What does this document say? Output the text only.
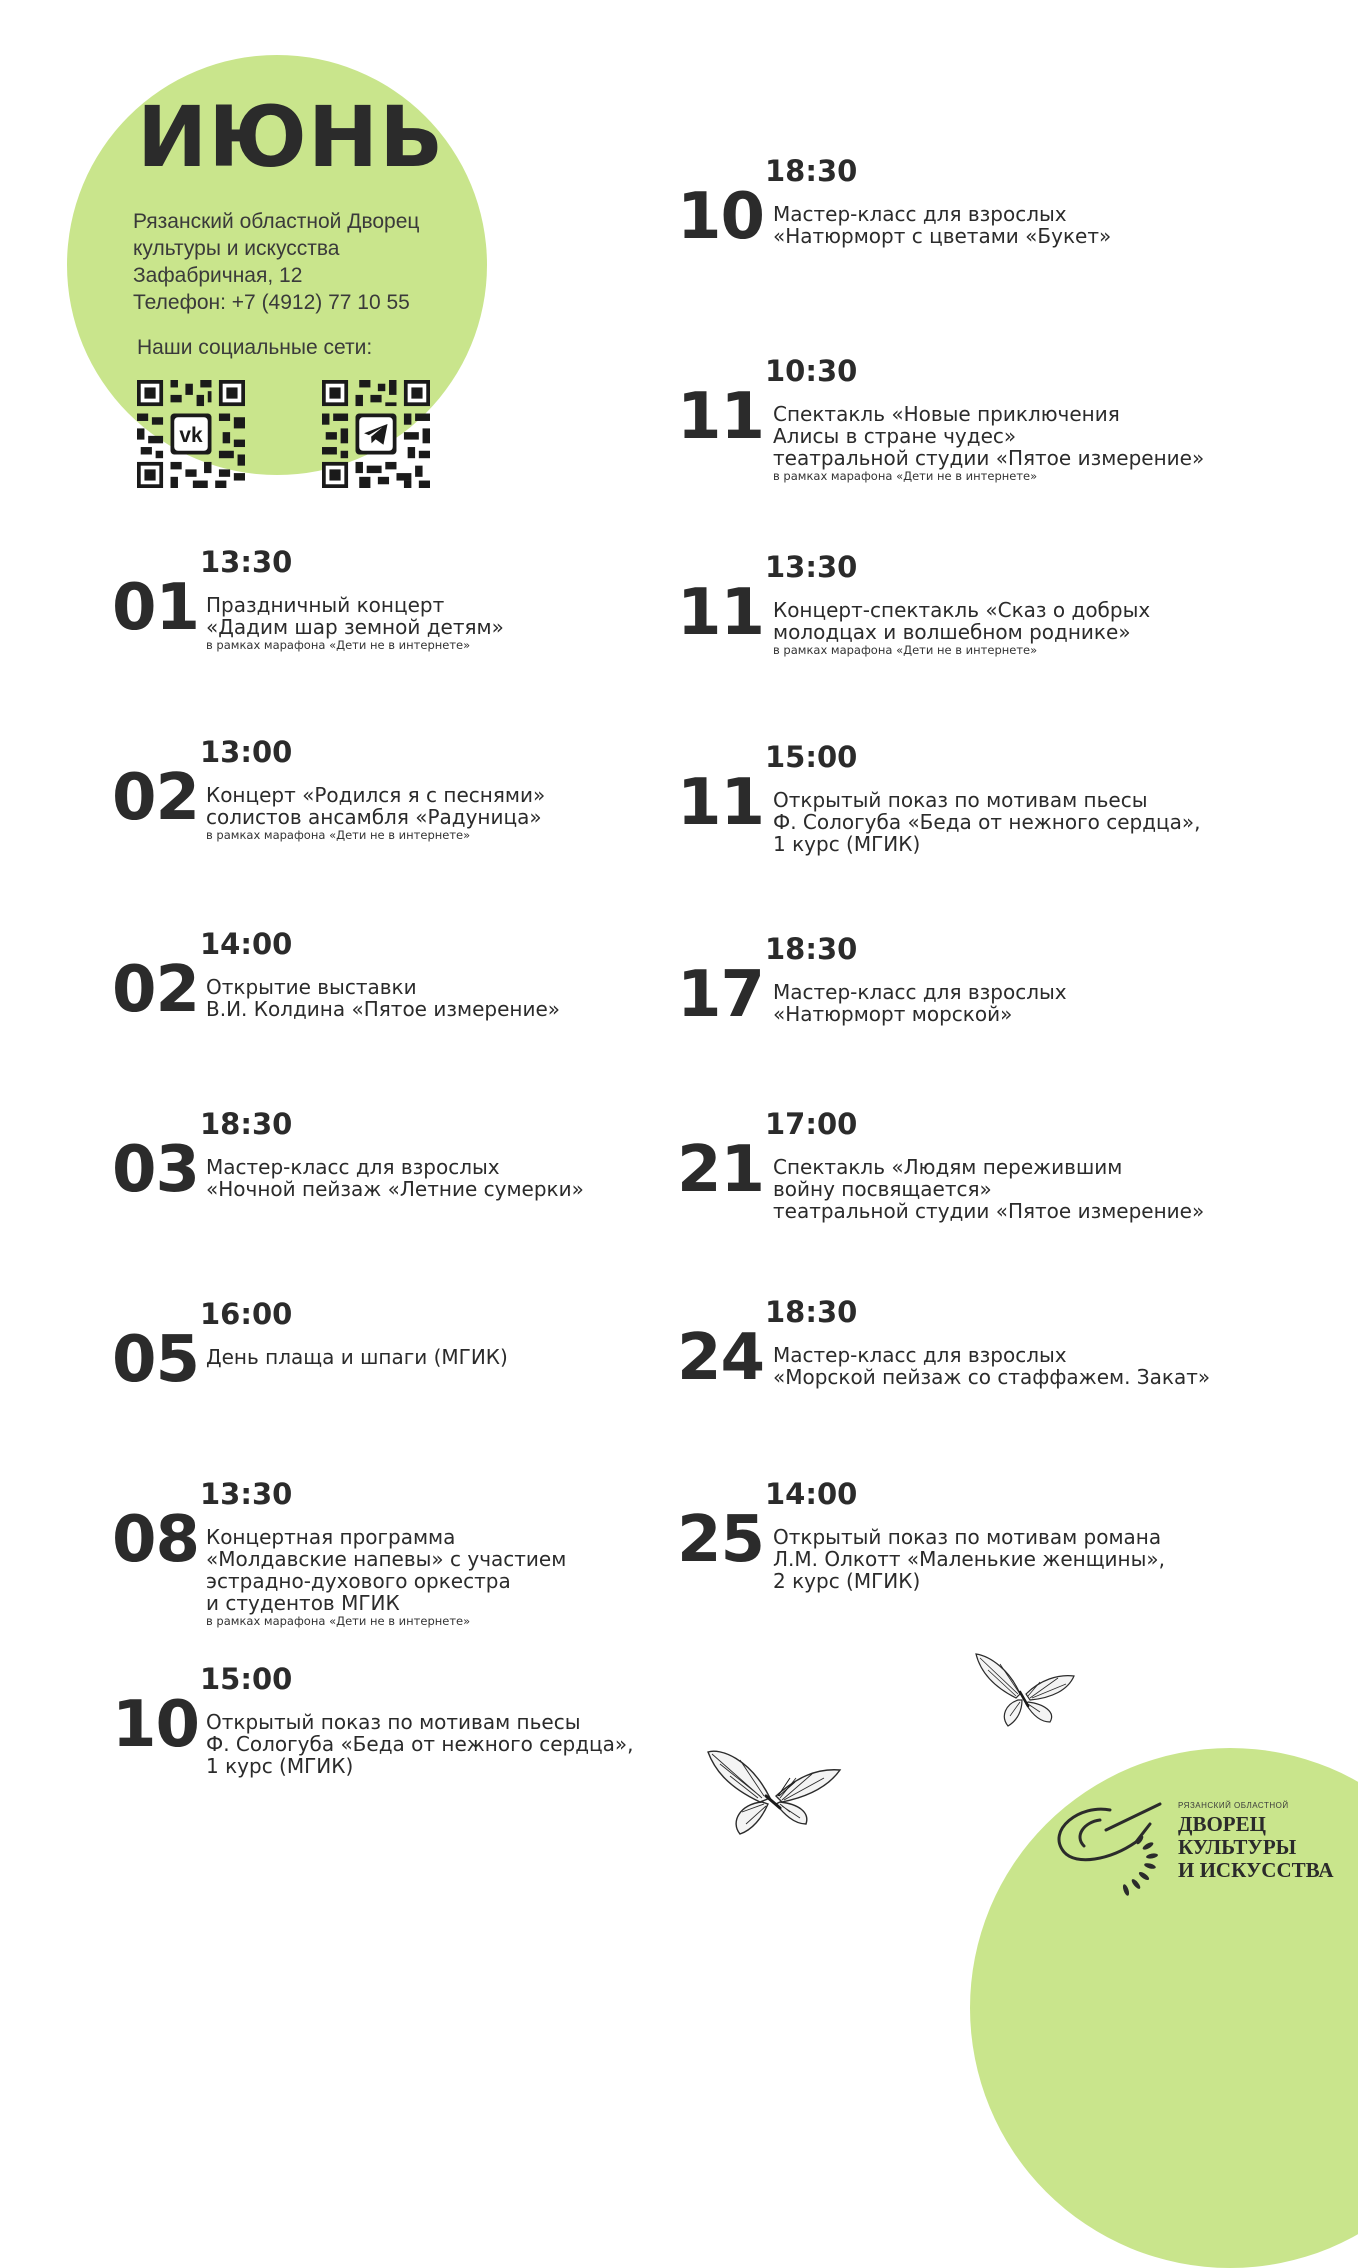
ИЮНЬ
Рязанский областной Дворец
культуры и искусства
Зафабричная, 12
Телефон: +7 (4912) 77 10 55
Наши социальные сети:
vk
01
13:30
Праздничный концерт
«Дадим шар земной детям»
в рамках марафона «Дети не в интернете»
02
13:00
Концерт «Родился я с песнями»
солистов ансамбля «Радуница»
в рамках марафона «Дети не в интернете»
02
14:00
Открытие выставки
В.И. Колдина «Пятое измерение»
03
18:30
Мастер-класс для взрослых
«Ночной пейзаж «Летние сумерки»
05
16:00
День плаща и шпаги (МГИК)
08
13:30
Концертная программа
«Молдавские напевы» с участием
эстрадно-духового оркестра
и студентов МГИК
в рамках марафона «Дети не в интернете»
10
15:00
Открытый показ по мотивам пьесы
Ф. Сологуба «Беда от нежного сердца»,
1 курс (МГИК)
10
18:30
Мастер-класс для взрослых
«Натюрморт с цветами «Букет»
11
10:30
Спектакль «Новые приключения
Алисы в стране чудес»
театральной студии «Пятое измерение»
в рамках марафона «Дети не в интернете»
11
13:30
Концерт-спектакль «Сказ о добрых
молодцах и волшебном роднике»
в рамках марафона «Дети не в интернете»
11
15:00
Открытый показ по мотивам пьесы
Ф. Сологуба «Беда от нежного сердца»,
1 курс (МГИК)
17
18:30
Мастер-класс для взрослых
«Натюрморт морской»
21
17:00
Спектакль «Людям пережившим
войну посвящается»
театральной студии «Пятое измерение»
24
18:30
Мастер-класс для взрослых
«Морской пейзаж со стаффажем. Закат»
25
14:00
Открытый показ по мотивам романа
Л.М. Олкотт «Маленькие женщины»,
2 курс (МГИК)
РЯЗАНСКИЙ ОБЛАСТНОЙ
ДВОРЕЦ
КУЛЬТУРЫ
И ИСКУССТВА
